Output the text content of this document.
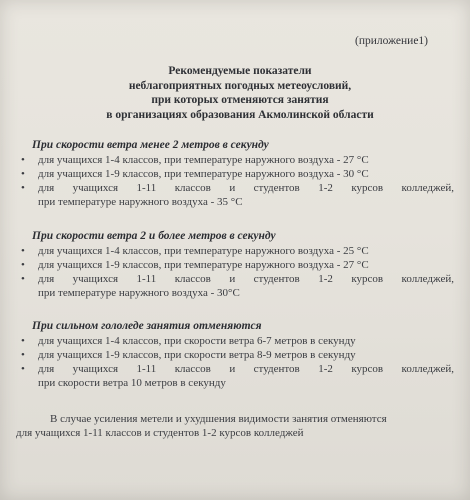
(приложение1)
Рекомендуемые показатели
неблагоприятных погодных метеоусловий,
при которых отменяются занятия
в организациях образования Акмолинской области
При скорости ветра менее 2 метров в секунду
• для учащихся 1-4 классов, при температуре наружного воздуха - 27 °С
• для учащихся 1-9 классов, при температуре наружного воздуха - 30 °С
• для учащихся 1-11 классов и студентов 1-2 курсов колледжей,
при температуре наружного воздуха - 35 °С
При скорости ветра 2 и более метров в секунду
• для учащихся 1-4 классов, при температуре наружного воздуха - 25 °С
• для учащихся 1-9 классов, при температуре наружного воздуха - 27 °С
• для учащихся 1-11 классов и студентов 1-2 курсов колледжей,
при температуре наружного воздуха - 30°С
При сильном гололеде занятия отменяются
• для учащихся 1-4 классов, при скорости ветра 6-7 метров в секунду
• для учащихся 1-9 классов, при скорости ветра 8-9 метров в секунду
• для учащихся 1-11 классов и студентов 1-2 курсов колледжей,
при скорости ветра 10 метров в секунду
В случае усиления метели и ухудшения видимости занятия отменяются
для учащихся 1-11 классов и студентов 1-2 курсов колледжей
